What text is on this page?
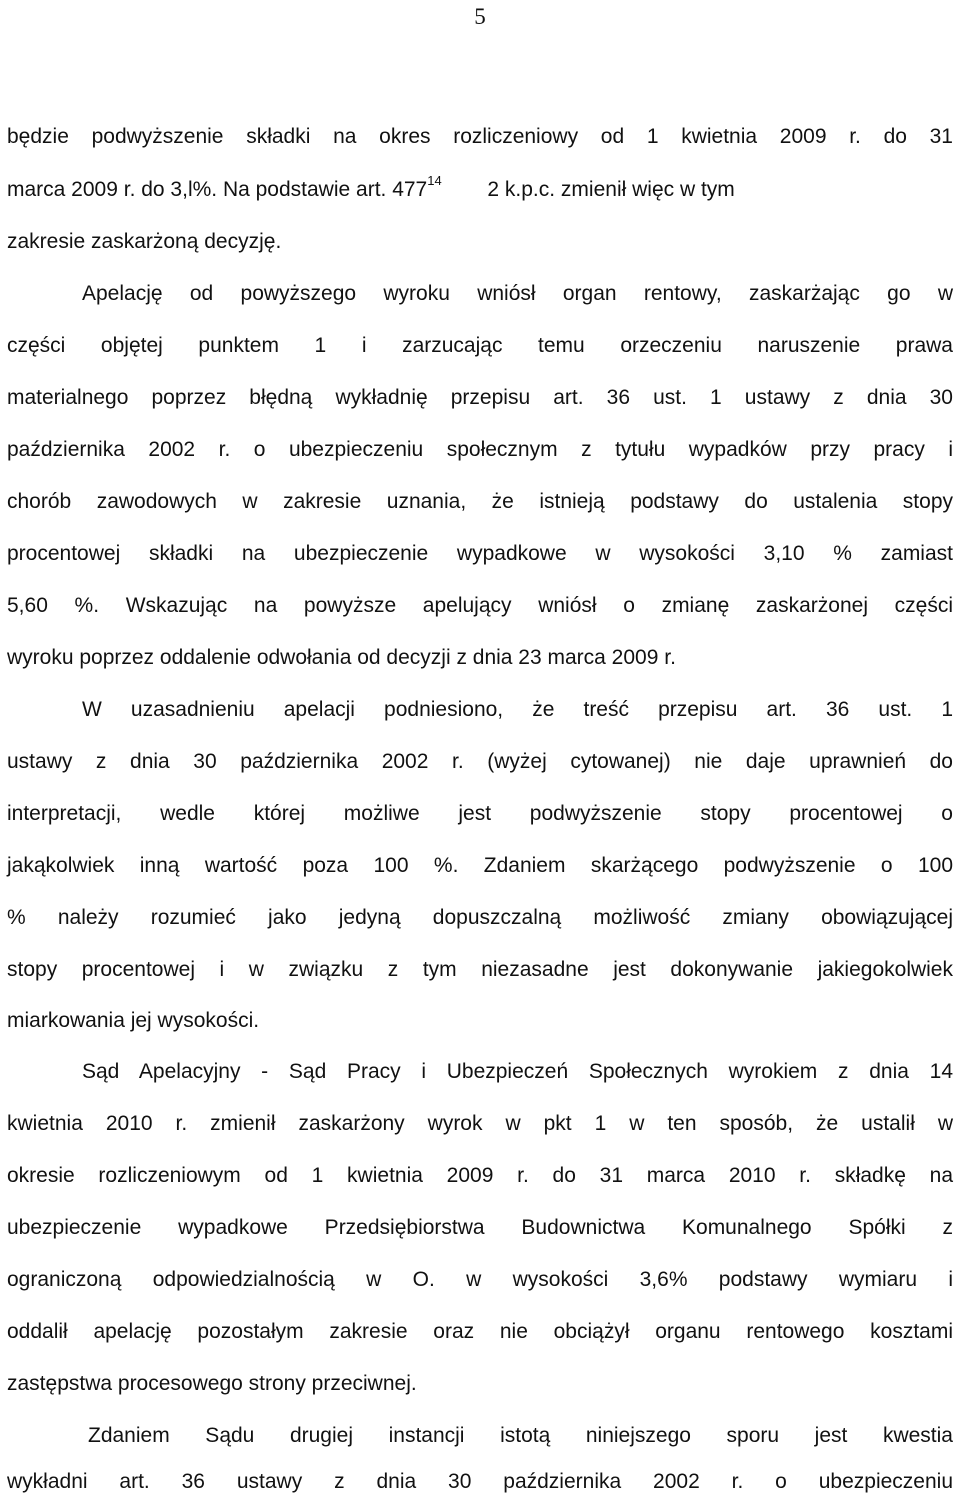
5
będzie podwyższenie składki na okres rozliczeniowy od 1 kwietnia 2009 r. do 31
marca 2009 r. do 3,l%. Na podstawie art. $477^{14}$ 2 k.p.c. zmienił więc w tym
zakresie zaskarżoną decyzję.
Apelację od powyższego wyroku wniósł organ rentowy, zaskarżając go w
części objętej punktem 1 i zarzucając temu orzeczeniu naruszenie prawa
materialnego poprzez błędną wykładnię przepisu art. 36 ust. 1 ustawy z dnia 30
października 2002 r. o ubezpieczeniu społecznym z tytułu wypadków przy pracy i
chorób zawodowych w zakresie uznania, że istnieją podstawy do ustalenia stopy
procentowej składki na ubezpieczenie wypadkowe w wysokości 3,10 % zamiast
5,60 %. Wskazując na powyższe apelujący wniósł o zmianę zaskarżonej części
wyroku poprzez oddalenie odwołania od decyzji z dnia 23 marca 2009 r.
W uzasadnieniu apelacji podniesiono, że treść przepisu art. 36 ust. 1
ustawy z dnia 30 października 2002 r. (wyżej cytowanej) nie daje uprawnień do
interpretacji, wedle której możliwe jest podwyższenie stopy procentowej o
jakąkolwiek inną wartość poza 100 %. Zdaniem skarżącego podwyższenie o 100
% należy rozumieć jako jedyną dopuszczalną możliwość zmiany obowiązującej
stopy procentowej i w związku z tym niezasadne jest dokonywanie jakiegokolwiek
miarkowania jej wysokości.
Sąd Apelacyjny - Sąd Pracy i Ubezpieczeń Społecznych wyrokiem z dnia 14
kwietnia 2010 r. zmienił zaskarżony wyrok w pkt 1 w ten sposób, że ustalił w
okresie rozliczeniowym od 1 kwietnia 2009 r. do 31 marca 2010 r. składkę na
ubezpieczenie wypadkowe Przedsiębiorstwa Budownictwa Komunalnego Spółki z
ograniczoną odpowiedzialnością w O. w wysokości 3,6% podstawy wymiaru i
oddalił apelację pozostałym zakresie oraz nie obciążył organu rentowego kosztami
zastępstwa procesowego strony przeciwnej.
Zdaniem Sądu drugiej instancji istotą niniejszego sporu jest kwestia
wykładni art. 36 ustawy z dnia 30 października 2002 r. o ubezpieczeniu
